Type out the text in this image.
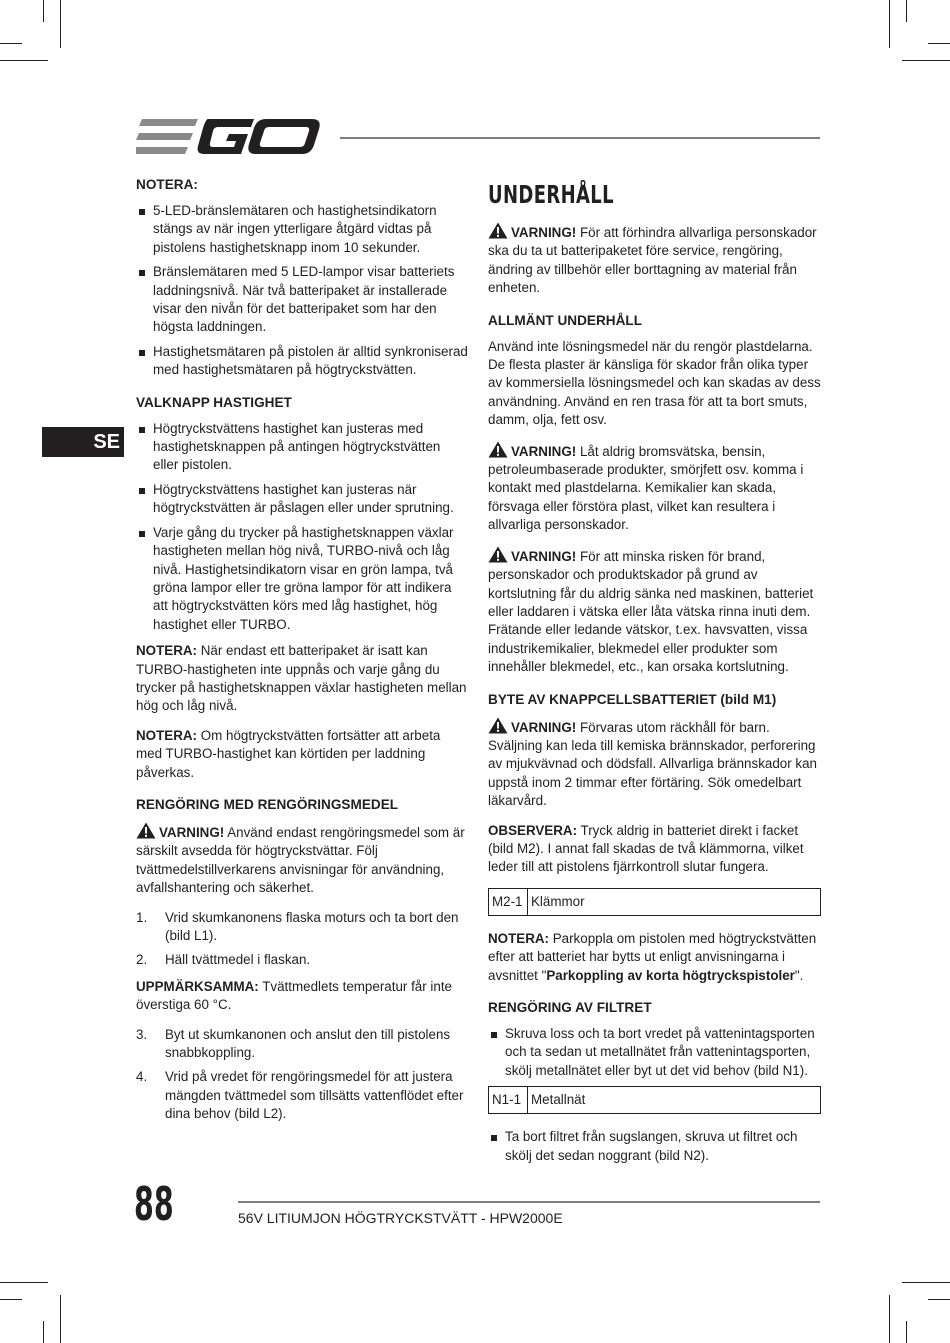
SE
NOTERA:
5-LED-bränslemätaren och hastighetsindikatorn stängs av när ingen ytterligare åtgärd vidtas på pistolens hastighetsknapp inom 10 sekunder.
Bränslemätaren med 5 LED-lampor visar batteriets laddningsnivå. När två batteripaket är installerade visar den nivån för det batteripaket som har den högsta laddningen.
Hastighetsmätaren på pistolen är alltid synkroniserad med hastighetsmätaren på högtryckstvätten.
VALKNAPP HASTIGHET
Högtryckstvättens hastighet kan justeras med hastighetsknappen på antingen högtryckstvätten eller pistolen.
Högtryckstvättens hastighet kan justeras när högtryckstvätten är påslagen eller under sprutning.
Varje gång du trycker på hastighetsknappen växlar hastigheten mellan hög nivå, TURBO-nivå och låg nivå. Hastighetsindikatorn visar en grön lampa, två gröna lampor eller tre gröna lampor för att indikera att högtryckstvätten körs med låg hastighet, hög hastighet eller TURBO.

NOTERA: När endast ett batteripaket är isatt kan TURBO-hastigheten inte uppnås och varje gång du trycker på hastighetsknappen växlar hastigheten mellan hög och låg nivå.

NOTERA: Om högtryckstvätten fortsätter att arbeta med TURBO-hastighet kan körtiden per laddning påverkas.

RENGÖRING MED RENGÖRINGSMEDEL

VARNING! Använd endast rengöringsmedel som är särskilt avsedda för högtryckstvättar. Följ tvättmedelstillverkarens anvisningar för användning, avfallshantering och säkerhet.

1. Vrid skumkanonens flaska moturs och ta bort den (bild L1).
2. Häll tvättmedel i flaskan.

UPPMÄRKSAMMA: Tvättmedlets temperatur får inte överstiga 60 °C.

3. Byt ut skumkanonen och anslut den till pistolens snabbkoppling.
4. Vrid på vredet för rengöringsmedel för att justera mängden tvättmedel som tillsätts vattenflödet efter dina behov (bild L2).
UNDERHÅLL

VARNING! För att förhindra allvarliga personskador ska du ta ut batteripaketet före service, rengöring, ändring av tillbehör eller borttagning av material från enheten.

ALLMÄNT UNDERHÅLL

Använd inte lösningsmedel när du rengör plastdelarna. De flesta plaster är känsliga för skador från olika typer av kommersiella lösningsmedel och kan skadas av dess användning. Använd en ren trasa för att ta bort smuts, damm, olja, fett osv.

VARNING! Låt aldrig bromsvätska, bensin, petroleumbaserade produkter, smörjfett osv. komma i kontakt med plastdelarna. Kemikalier kan skada, försvaga eller förstöra plast, vilket kan resultera i allvarliga personskador.

VARNING! För att minska risken för brand, personskador och produktskador på grund av kortslutning får du aldrig sänka ned maskinen, batteriet eller laddaren i vätska eller låta vätska rinna inuti dem. Frätande eller ledande vätskor, t.ex. havsvatten, vissa industrikemikalier, blekmedel eller produkter som innehåller blekmedel, etc., kan orsaka kortslutning.

BYTE AV KNAPPCELLSBATTERIET (bild M1)

VARNING! Förvaras utom räckhåll för barn. Sväljning kan leda till kemiska brännskador, perforering av mjukvävnad och dödsfall. Allvarliga brännskador kan uppstå inom 2 timmar efter förtäring. Sök omedelbart läkarvård.

OBSERVERA: Tryck aldrig in batteriet direkt i facket (bild M2). I annat fall skadas de två klämmorna, vilket leder till att pistolens fjärrkontroll slutar fungera.

M2-1	Klämmor

NOTERA: Parkoppla om pistolen med högtryckstvätten efter att batteriet har bytts ut enligt anvisningarna i avsnittet "Parkoppling av korta högtryckspistoler".

RENGÖRING AV FILTRET
Skruva loss och ta bort vredet på vattenintagsporten och ta sedan ut metallnätet från vattenintagsporten, skölj metallnätet eller byt ut det vid behov (bild N1).
N1-1	Metallnät
Ta bort filtret från sugslangen, skruva ut filtret och skölj det sedan noggrant (bild N2).
88	56V LITIUMJON HÖGTRYCKSTVÄTT - HPW2000E
